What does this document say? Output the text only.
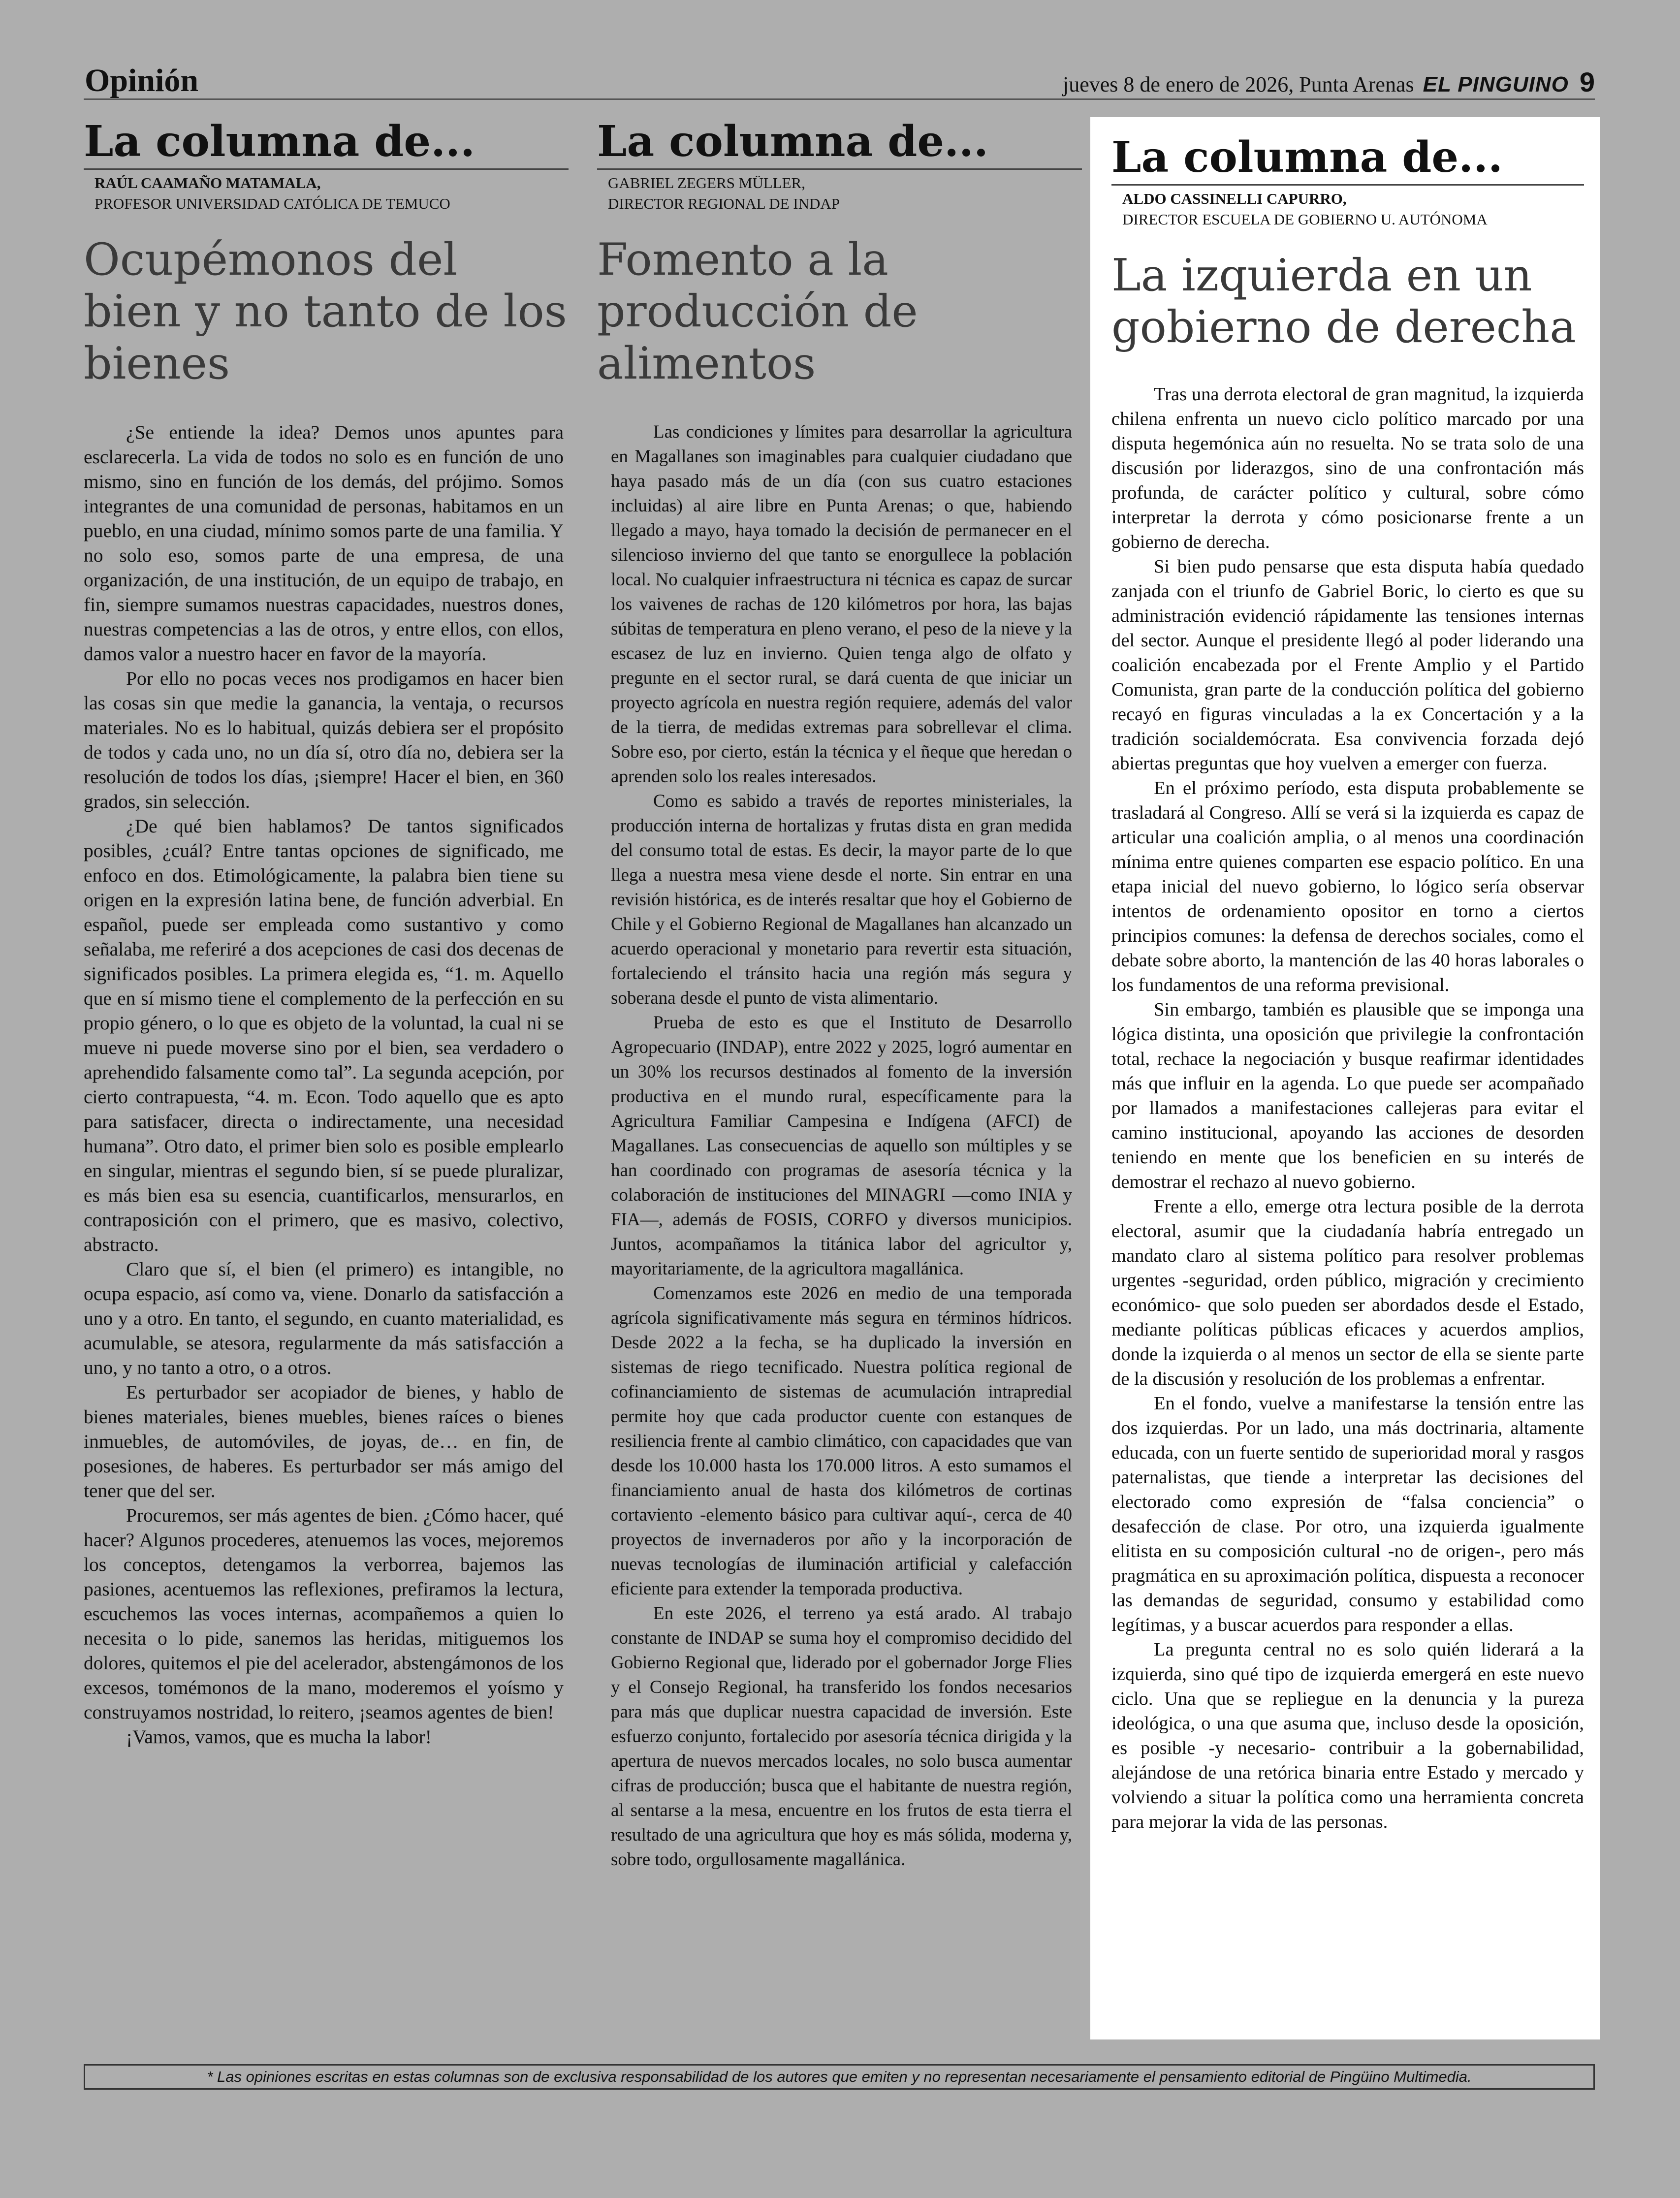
Opinión	jueves 8 de enero de 2026, Punta Arenas EL PINGUINO 9
La columna de...
RAÚL CAAMAÑO MATAMALA,
PROFESOR UNIVERSIDAD CATÓLICA DE TEMUCO
Ocupémonos del bien y no tanto de los bienes

¿Se entiende la idea? Demos unos apuntes para esclarecerla. La vida de todos no solo es en función de uno mismo, sino en función de los demás, del prójimo. Somos integrantes de una comunidad de personas, habitamos en un pueblo, en una ciudad, mínimo somos parte de una familia. Y no solo eso, somos parte de una empresa, de una organización, de una institución, de un equipo de trabajo, en fin, siempre sumamos nuestras capacidades, nuestros dones, nuestras competencias a las de otros, y entre ellos, con ellos, damos valor a nuestro hacer en favor de la mayoría.

Por ello no pocas veces nos prodigamos en hacer bien las cosas sin que medie la ganancia, la ventaja, o recursos materiales. No es lo habitual, quizás debiera ser el propósito de todos y cada uno, no un día sí, otro día no, debiera ser la resolución de todos los días, ¡siempre! Hacer el bien, en 360 grados, sin selección.

¿De qué bien hablamos? De tantos significados posibles, ¿cuál? Entre tantas opciones de significado, me enfoco en dos. Etimológicamente, la palabra bien tiene su origen en la expresión latina bene, de función adverbial. En español, puede ser empleada como sustantivo y como señalaba, me referiré a dos acepciones de casi dos decenas de significados posibles. La primera elegida es, “1. m. Aquello que en sí mismo tiene el complemento de la perfección en su propio género, o lo que es objeto de la voluntad, la cual ni se mueve ni puede moverse sino por el bien, sea verdadero o aprehendido falsamente como tal”. La segunda acepción, por cierto contrapuesta, “4. m. Econ. Todo aquello que es apto para satisfacer, directa o indirectamente, una necesidad humana”. Otro dato, el primer bien solo es posible emplearlo en singular, mientras el segundo bien, sí se puede pluralizar, es más bien esa su esencia, cuantificarlos, mensurarlos, en contraposición con el primero, que es masivo, colectivo, abstracto.

Claro que sí, el bien (el primero) es intangible, no ocupa espacio, así como va, viene. Donarlo da satisfacción a uno y a otro. En tanto, el segundo, en cuanto materialidad, es acumulable, se atesora, regularmente da más satisfacción a uno, y no tanto a otro, o a otros.

Es perturbador ser acopiador de bienes, y hablo de bienes materiales, bienes muebles, bienes raíces o bienes inmuebles, de automóviles, de joyas, de… en fin, de posesiones, de haberes. Es perturbador ser más amigo del tener que del ser.

Procuremos, ser más agentes de bien. ¿Cómo hacer, qué hacer? Algunos procederes, atenuemos las voces, mejoremos los conceptos, detengamos la verborrea, bajemos las pasiones, acentuemos las reflexiones, prefiramos la lectura, escuchemos las voces internas, acompañemos a quien lo necesita o lo pide, sanemos las heridas, mitiguemos los dolores, quitemos el pie del acelerador, abstengámonos de los excesos, tomémonos de la mano, moderemos el yoísmo y construyamos nostridad, lo reitero, ¡seamos agentes de bien!

¡Vamos, vamos, que es mucha la labor!

La columna de...
GABRIEL ZEGERS MÜLLER,
DIRECTOR REGIONAL DE INDAP
Fomento a la producción de alimentos

Las condiciones y límites para desarrollar la agricultura en Magallanes son imaginables para cualquier ciudadano que haya pasado más de un día (con sus cuatro estaciones incluidas) al aire libre en Punta Arenas; o que, habiendo llegado a mayo, haya tomado la decisión de permanecer en el silencioso invierno del que tanto se enorgullece la población local. No cualquier infraestructura ni técnica es capaz de surcar los vaivenes de rachas de 120 kilómetros por hora, las bajas súbitas de temperatura en pleno verano, el peso de la nieve y la escasez de luz en invierno. Quien tenga algo de olfato y pregunte en el sector rural, se dará cuenta de que iniciar un proyecto agrícola en nuestra región requiere, además del valor de la tierra, de medidas extremas para sobrellevar el clima. Sobre eso, por cierto, están la técnica y el ñeque que heredan o aprenden solo los reales interesados.

Como es sabido a través de reportes ministeriales, la producción interna de hortalizas y frutas dista en gran medida del consumo total de estas. Es decir, la mayor parte de lo que llega a nuestra mesa viene desde el norte. Sin entrar en una revisión histórica, es de interés resaltar que hoy el Gobierno de Chile y el Gobierno Regional de Magallanes han alcanzado un acuerdo operacional y monetario para revertir esta situación, fortaleciendo el tránsito hacia una región más segura y soberana desde el punto de vista alimentario.

Prueba de esto es que el Instituto de Desarrollo Agropecuario (INDAP), entre 2022 y 2025, logró aumentar en un 30% los recursos destinados al fomento de la inversión productiva en el mundo rural, específicamente para la Agricultura Familiar Campesina e Indígena (AFCI) de Magallanes. Las consecuencias de aquello son múltiples y se han coordinado con programas de asesoría técnica y la colaboración de instituciones del MINAGRI —como INIA y FIA—, además de FOSIS, CORFO y diversos municipios. Juntos, acompañamos la titánica labor del agricultor y, mayoritariamente, de la agricultora magallánica.

Comenzamos este 2026 en medio de una temporada agrícola significativamente más segura en términos hídricos. Desde 2022 a la fecha, se ha duplicado la inversión en sistemas de riego tecnificado. Nuestra política regional de cofinanciamiento de sistemas de acumulación intrapredial permite hoy que cada productor cuente con estanques de resiliencia frente al cambio climático, con capacidades que van desde los 10.000 hasta los 170.000 litros. A esto sumamos el financiamiento anual de hasta dos kilómetros de cortinas cortaviento -elemento básico para cultivar aquí-, cerca de 40 proyectos de invernaderos por año y la incorporación de nuevas tecnologías de iluminación artificial y calefacción eficiente para extender la temporada productiva.

En este 2026, el terreno ya está arado. Al trabajo constante de INDAP se suma hoy el compromiso decidido del Gobierno Regional que, liderado por el gobernador Jorge Flies y el Consejo Regional, ha transferido los fondos necesarios para más que duplicar nuestra capacidad de inversión. Este esfuerzo conjunto, fortalecido por asesoría técnica dirigida y la apertura de nuevos mercados locales, no solo busca aumentar cifras de producción; busca que el habitante de nuestra región, al sentarse a la mesa, encuentre en los frutos de esta tierra el resultado de una agricultura que hoy es más sólida, moderna y, sobre todo, orgullosamente magallánica.

La columna de...
ALDO CASSINELLI CAPURRO,
DIRECTOR ESCUELA DE GOBIERNO U. AUTÓNOMA
La izquierda en un gobierno de derecha

Tras una derrota electoral de gran magnitud, la izquierda chilena enfrenta un nuevo ciclo político marcado por una disputa hegemónica aún no resuelta. No se trata solo de una discusión por liderazgos, sino de una confrontación más profunda, de carácter político y cultural, sobre cómo interpretar la derrota y cómo posicionarse frente a un gobierno de derecha.

Si bien pudo pensarse que esta disputa había quedado zanjada con el triunfo de Gabriel Boric, lo cierto es que su administración evidenció rápidamente las tensiones internas del sector. Aunque el presidente llegó al poder liderando una coalición encabezada por el Frente Amplio y el Partido Comunista, gran parte de la conducción política del gobierno recayó en figuras vinculadas a la ex Concertación y a la tradición socialdemócrata. Esa convivencia forzada dejó abiertas preguntas que hoy vuelven a emerger con fuerza.

En el próximo período, esta disputa probablemente se trasladará al Congreso. Allí se verá si la izquierda es capaz de articular una coalición amplia, o al menos una coordinación mínima entre quienes comparten ese espacio político. En una etapa inicial del nuevo gobierno, lo lógico sería observar intentos de ordenamiento opositor en torno a ciertos principios comunes: la defensa de derechos sociales, como el debate sobre aborto, la mantención de las 40 horas laborales o los fundamentos de una reforma previsional.

Sin embargo, también es plausible que se imponga una lógica distinta, una oposición que privilegie la confrontación total, rechace la negociación y busque reafirmar identidades más que influir en la agenda. Lo que puede ser acompañado por llamados a manifestaciones callejeras para evitar el camino institucional, apoyando las acciones de desorden teniendo en mente que los beneficien en su interés de demostrar el rechazo al nuevo gobierno.

Frente a ello, emerge otra lectura posible de la derrota electoral, asumir que la ciudadanía habría entregado un mandato claro al sistema político para resolver problemas urgentes -seguridad, orden público, migración y crecimiento económico- que solo pueden ser abordados desde el Estado, mediante políticas públicas eficaces y acuerdos amplios, donde la izquierda o al menos un sector de ella se siente parte de la discusión y resolución de los problemas a enfrentar.

En el fondo, vuelve a manifestarse la tensión entre las dos izquierdas. Por un lado, una más doctrinaria, altamente educada, con un fuerte sentido de superioridad moral y rasgos paternalistas, que tiende a interpretar las decisiones del electorado como expresión de “falsa conciencia” o desafección de clase. Por otro, una izquierda igualmente elitista en su composición cultural -no de origen-, pero más pragmática en su aproximación política, dispuesta a reconocer las demandas de seguridad, consumo y estabilidad como legítimas, y a buscar acuerdos para responder a ellas.

La pregunta central no es solo quién liderará a la izquierda, sino qué tipo de izquierda emergerá en este nuevo ciclo. Una que se repliegue en la denuncia y la pureza ideológica, o una que asuma que, incluso desde la oposición, es posible -y necesario- contribuir a la gobernabilidad, alejándose de una retórica binaria entre Estado y mercado y volviendo a situar la política como una herramienta concreta para mejorar la vida de las personas.

* Las opiniones escritas en estas columnas son de exclusiva responsabilidad de los autores que emiten y no representan necesariamente el pensamiento editorial de Pingüino Multimedia.
